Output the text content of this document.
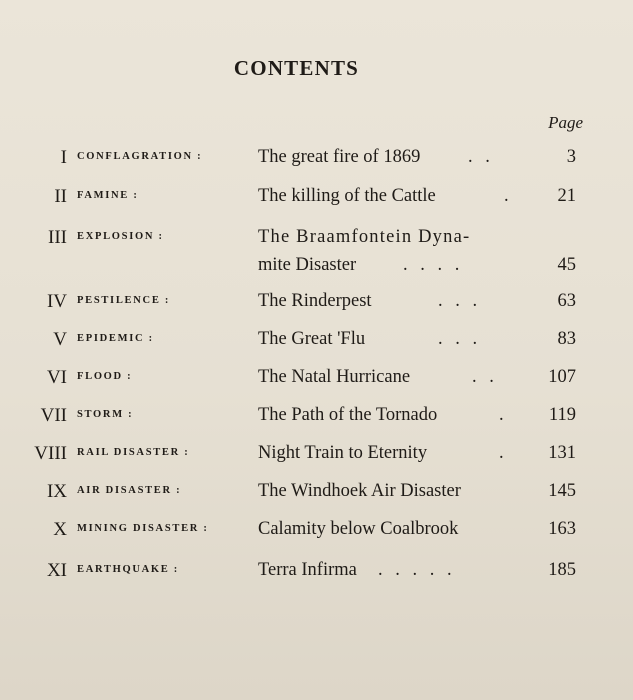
CONTENTS
Page
I CONFLAGRATION :	The great fire of 1869	. .	3
II FAMINE :	The killing of the Cattle	. 21
III EXPLOSION :	The Braamfontein Dyna-
mite Disaster	. . . .	45
IV PESTILENCE :	The Rinderpest	. . .	63
V EPIDEMIC :	The Great 'Flu	. . .	83
VI FLOOD :	The Natal Hurricane	. .	107
VII STORM :	The Path of the Tornado	. 119
VIII RAIL DISASTER :	Night Train to Eternity	. 131
IX AIR DISASTER :	The Windhoek Air Disaster	145
X MINING DISASTER :	Calamity below Coalbrook	163
XI EARTHQUAKE :	Terra Infirma . . . . .	185
